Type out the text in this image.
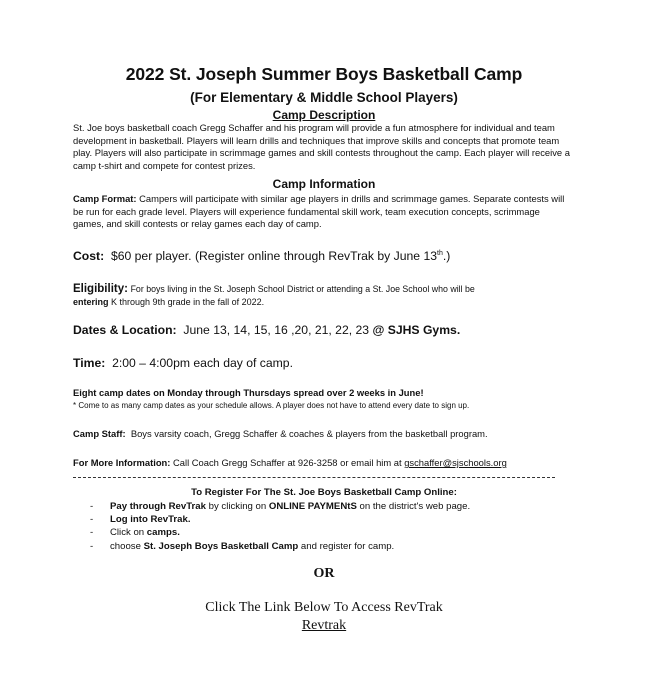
2022 St. Joseph Summer Boys Basketball Camp
(For Elementary & Middle School Players)
Camp Description
St. Joe boys basketball coach Gregg Schaffer and his program will provide a fun atmosphere for individual and team development in basketball. Players will learn drills and techniques that improve skills and concepts that promote team play. Players will also participate in scrimmage games and skill contests throughout the camp. Each player will receive a camp t-shirt and compete for contest prizes.
Camp Information
Camp Format: Campers will participate with similar age players in drills and scrimmage games. Separate contests will be run for each grade level. Players will experience fundamental skill work, team execution concepts, scrimmage games, and skill contests or relay games each day of camp.
Cost: $60 per player. (Register online through RevTrak by June 13th.)
Eligibility: For boys living in the St. Joseph School District or attending a St. Joe School who will be
entering K through 9th grade in the fall of 2022.
Dates & Location: June 13, 14, 15, 16 ,20, 21, 22, 23 @ SJHS Gyms.
Time: 2:00 – 4:00pm each day of camp.
Eight camp dates on Monday through Thursdays spread over 2 weeks in June!
* Come to as many camp dates as your schedule allows. A player does not have to attend every date to sign up.
Camp Staff: Boys varsity coach, Gregg Schaffer & coaches & players from the basketball program.
For More Information: Call Coach Gregg Schaffer at 926-3258 or email him at gschaffer@sjschools.org
To Register For The St. Joe Boys Basketball Camp Online:
- Pay through RevTrak by clicking on ONLINE PAYMENtS on the district's web page.
- Log into RevTrak.
- Click on camps.
- choose St. Joseph Boys Basketball Camp and register for camp.
OR
Click The Link Below To Access RevTrak
Revtrak
